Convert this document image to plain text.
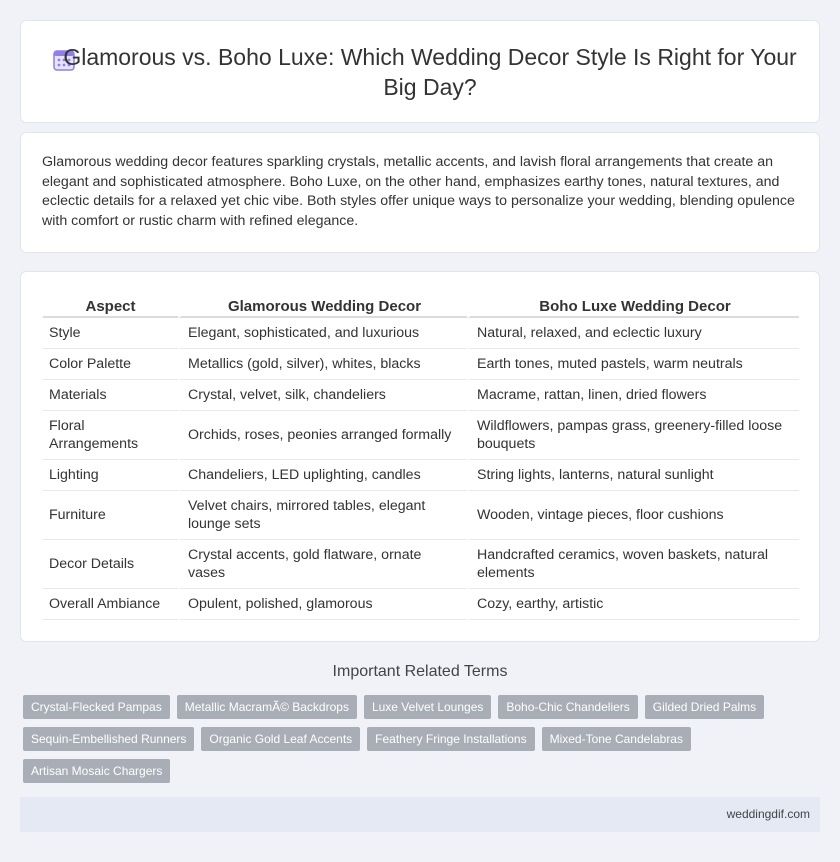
Glamorous vs. Boho Luxe: Which Wedding Decor Style Is Right for Your Big Day?

Glamorous wedding decor features sparkling crystals, metallic accents, and lavish floral arrangements that create an elegant and sophisticated atmosphere. Boho Luxe, on the other hand, emphasizes earthy tones, natural textures, and eclectic details for a relaxed yet chic vibe. Both styles offer unique ways to personalize your wedding, blending opulence with comfort or rustic charm with refined elegance.

Aspect	Glamorous Wedding Decor	Boho Luxe Wedding Decor
Style	Elegant, sophisticated, and luxurious	Natural, relaxed, and eclectic luxury
Color Palette	Metallics (gold, silver), whites, blacks	Earth tones, muted pastels, warm neutrals
Materials	Crystal, velvet, silk, chandeliers	Macrame, rattan, linen, dried flowers
Floral Arrangements	Orchids, roses, peonies arranged formally	Wildflowers, pampas grass, greenery-filled loose bouquets
Lighting	Chandeliers, LED uplighting, candles	String lights, lanterns, natural sunlight
Furniture	Velvet chairs, mirrored tables, elegant lounge sets	Wooden, vintage pieces, floor cushions
Decor Details	Crystal accents, gold flatware, ornate vases	Handcrafted ceramics, woven baskets, natural elements
Overall Ambiance	Opulent, polished, glamorous	Cozy, earthy, artistic
Important Related Terms
Crystal-Flecked Pampas	Metallic MacramÃ© Backdrops	Luxe Velvet Lounges	Boho-Chic Chandeliers	Gilded Dried Palms
Sequin-Embellished Runners	Organic Gold Leaf Accents	Feathery Fringe Installations	Mixed-Tone Candelabras
Artisan Mosaic Chargers
weddingdif.com
